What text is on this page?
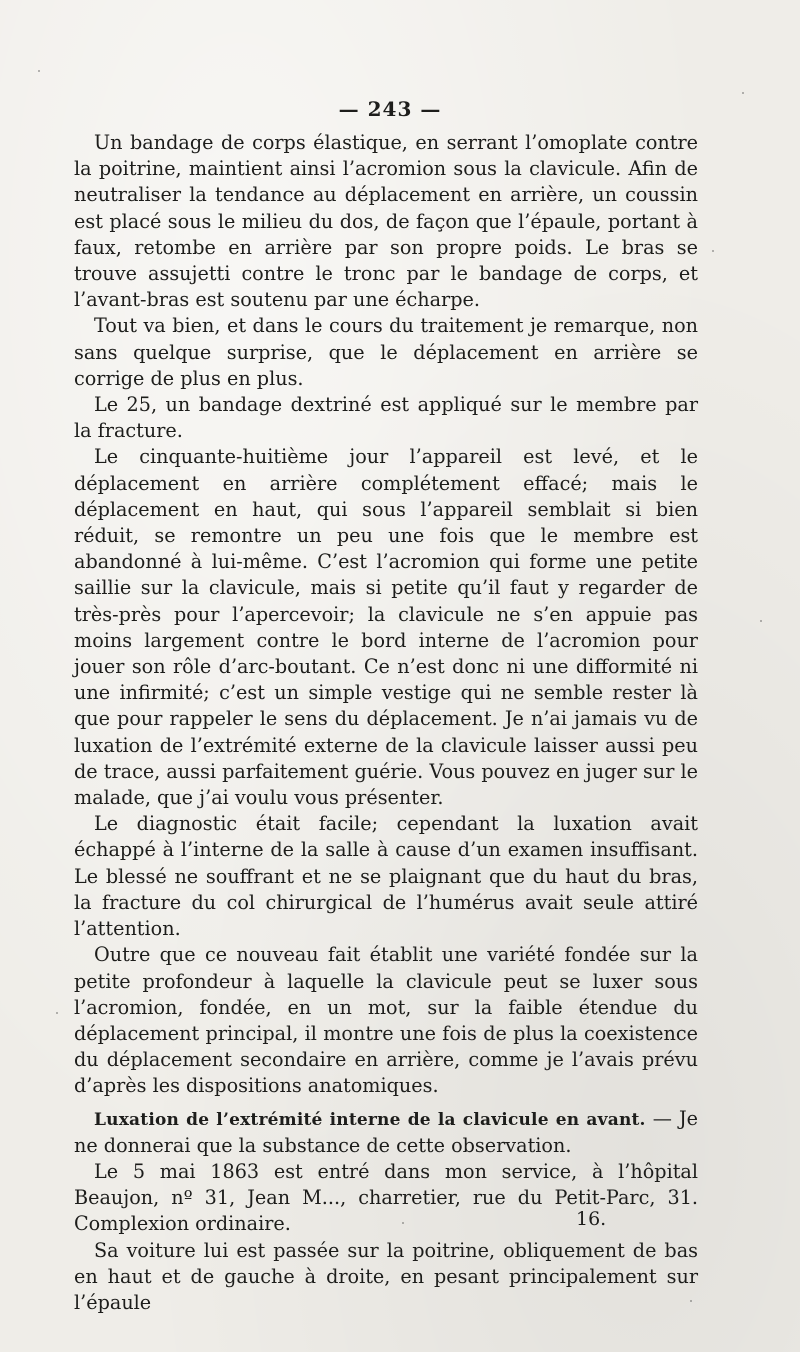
— 243 —

Un bandage de corps élastique, en serrant l’omoplate contre la poitrine, maintient ainsi l’acromion sous la clavicule. Afin de neutraliser la tendance au déplacement en arrière, un coussin est placé sous le milieu du dos, de façon que l’épaule, portant à faux, retombe en arrière par son propre poids. Le bras se trouve assujetti contre le tronc par le bandage de corps, et l’avant-bras est soutenu par une écharpe.

Tout va bien, et dans le cours du traitement je remarque, non sans quelque surprise, que le déplacement en arrière se corrige de plus en plus.

Le 25, un bandage dextriné est appliqué sur le membre par la fracture.

Le cinquante-huitième jour l’appareil est levé, et le déplacement en arrière complétement effacé; mais le déplacement en haut, qui sous l’appareil semblait si bien réduit, se remontre un peu une fois que le membre est abandonné à lui-même. C’est l’acromion qui forme une petite saillie sur la clavicule, mais si petite qu’il faut y regarder de très-près pour l’apercevoir; la clavicule ne s’en appuie pas moins largement contre le bord interne de l’acromion pour jouer son rôle d’arc-boutant. Ce n’est donc ni une difformité ni une infirmité; c’est un simple vestige qui ne semble rester là que pour rappeler le sens du déplacement. Je n’ai jamais vu de luxation de l’extrémité externe de la clavicule laisser aussi peu de trace, aussi parfaitement guérie. Vous pouvez en juger sur le malade, que j’ai voulu vous présenter.

Le diagnostic était facile; cependant la luxation avait échappé à l’interne de la salle à cause d’un examen insuffisant. Le blessé ne souffrant et ne se plaignant que du haut du bras, la fracture du col chirurgical de l’humérus avait seule attiré l’attention.

Outre que ce nouveau fait établit une variété fondée sur la petite profondeur à laquelle la clavicule peut se luxer sous l’acromion, fondée, en un mot, sur la faible étendue du déplacement principal, il montre une fois de plus la coexistence du déplacement secondaire en arrière, comme je l’avais prévu d’après les dispositions anatomiques.

Luxation de l’extrémité interne de la clavicule en avant. — Je ne donnerai que la substance de cette observation.

Le 5 mai 1863 est entré dans mon service, à l’hôpital Beaujon, nº 31, Jean M..., charretier, rue du Petit-Parc, 31. Complexion ordinaire.

Sa voiture lui est passée sur la poitrine, obliquement de bas en haut et de gauche à droite, en pesant principalement sur l’épaule

16.
